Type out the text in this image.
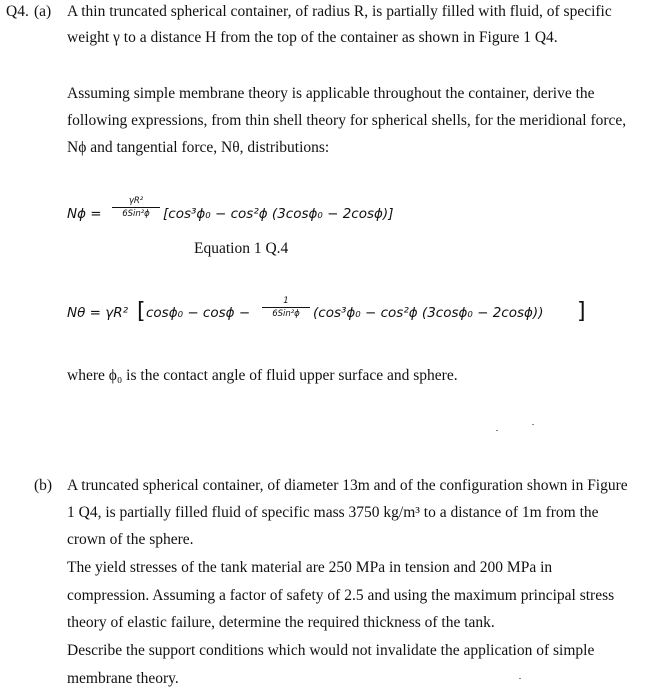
Q4. (a) A thin truncated spherical container, of radius R, is partially filled with fluid, of specific
weight γ to a distance H from the top of the container as shown in Figure 1 Q4.
Assuming simple membrane theory is applicable throughout the container, derive the
following expressions, from thin shell theory for spherical shells, for the meridional force,
Nϕ and tangential force, Nθ, distributions:
Nϕ =
γR²
6Sin²ϕ [cos³ϕ₀ − cos²ϕ (3cosϕ₀ − 2cosϕ)]
Equation 1 Q.4
Nθ = γR² [ cosϕ₀ − cosϕ −
1
6Sin²ϕ (cos³ϕ₀ − cos²ϕ (3cosϕ₀ − 2cosϕ)) ]
where ϕ₀ is the contact angle of fluid upper surface and sphere.
(b) A truncated spherical container, of diameter 13m and of the configuration shown in Figure
1 Q4, is partially filled fluid of specific mass 3750 kg/m³ to a distance of 1m from the
crown of the sphere.
The yield stresses of the tank material are 250 MPa in tension and 200 MPa in
compression. Assuming a factor of safety of 2.5 and using the maximum principal stress
theory of elastic failure, determine the required thickness of the tank.
Describe the support conditions which would not invalidate the application of simple
membrane theory.
